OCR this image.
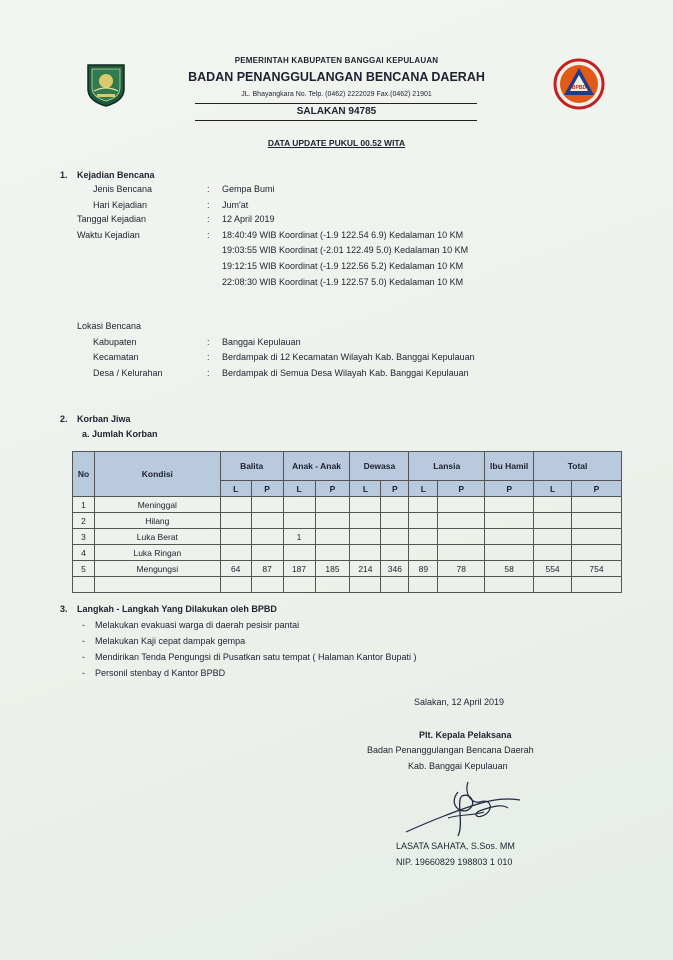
PEMERINTAH KABUPATEN BANGGAI KEPULAUAN
BADAN PENANGGULANGAN BENCANA DAERAH
JL. Bhayangkara No. Telp. (0462) 2222029 Fax.(0462) 21901
SALAKAN 94785
BPBD
DATA UPDATE PUKUL 00.52 WITA
1. Kejadian Bencana
Jenis Bencana	: Gempa Bumi
Hari Kejadian	: Jum'at
Tanggal Kejadian	: 12 April 2019
Waktu Kejadian	: 18:40:49 WIB Koordinat (-1.9 122.54 6.9) Kedalaman 10 KM
19:03:55 WIB Koordinat (-2.01 122.49 5.0) Kedalaman 10 KM
19:12:15 WIB Koordinat (-1.9 122.56 5.2) Kedalaman 10 KM
22:08:30 WIB Koordinat (-1.9 122.57 5.0) Kedalaman 10 KM
Lokasi Bencana
Kabupaten	: Banggai Kepulauan
Kecamatan	: Berdampak di 12 Kecamatan Wilayah Kab. Banggai Kepulauan
Desa / Kelurahan	: Berdampak di Semua Desa Wilayah Kab. Banggai Kepulauan
2. Korban Jiwa
a. Jumlah Korban
No	Kondisi	Balita		Anak - Anak		Dewasa		Lansia		Ibu Hamil	Total	
		L	P	L	P	L	P	L	P	P	L	P
1	Meninggal											
2	Hilang											
3	Luka Berat			1								
4	Luka Ringan											
5	Mengungsi	64	87	187	185	214	346	89	78	58	554	754

3. Langkah - Langkah Yang Dilakukan oleh BPBD
- Melakukan evakuasi warga di daerah pesisir pantai
- Melakukan Kaji cepat dampak gempa
- Mendirikan Tenda Pengungsi di Pusatkan satu tempat ( Halaman Kantor Bupati )
- Personil stenbay d Kantor BPBD
Salakan, 12 April 2019
Plt. Kepala Pelaksana
Badan Penanggulangan Bencana Daerah
Kab. Banggai Kepulauan
LASATA SAHATA, S.Sos. MM
NIP. 19660829 198803 1 010
